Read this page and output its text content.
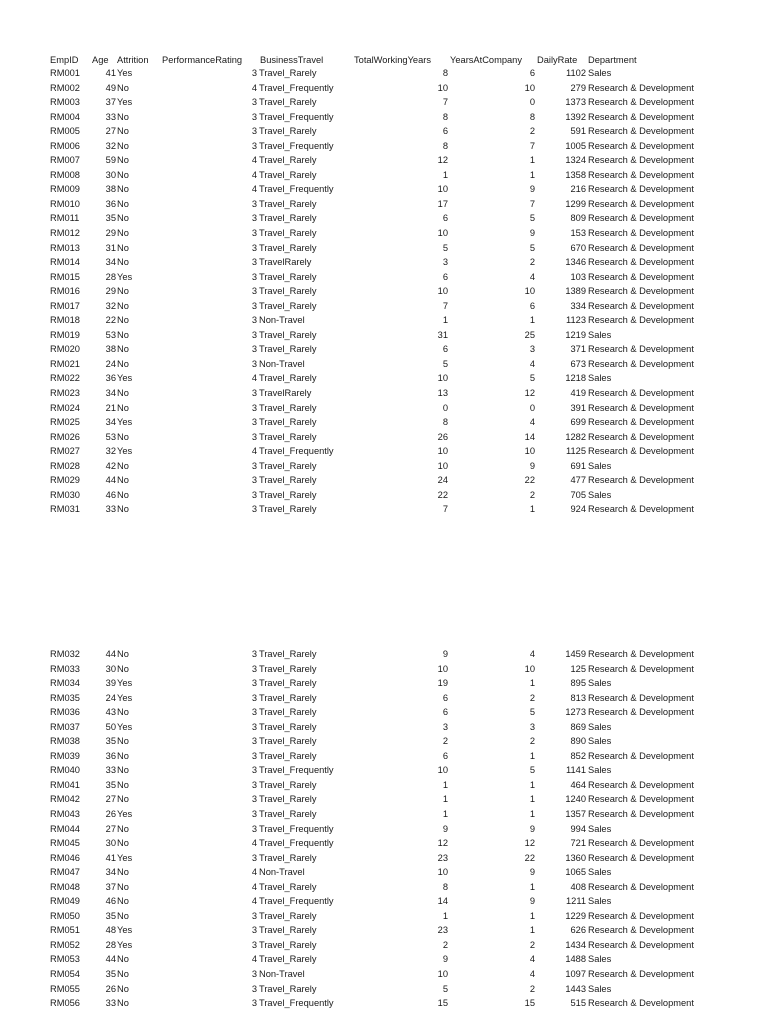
EmpID Age Attrition PerformanceRating BusinessTravel	TotalWorkingYears YearsAtCompany DailyRate Department
RM001	41 Yes	3 Travel_Rarely	8	6	1102 Sales
RM002	49 No	4 Travel_Frequently	10	10	279 Research & Development
RM003	37 Yes	3 Travel_Rarely	7	0	1373 Research & Development
RM004	33 No	3 Travel_Frequently	8	8	1392 Research & Development
RM005	27 No	3 Travel_Rarely	6	2	591 Research & Development
RM006	32 No	3 Travel_Frequently	8	7	1005 Research & Development
RM007	59 No	4 Travel_Rarely	12	1	1324 Research & Development
RM008	30 No	4 Travel_Rarely	1	1	1358 Research & Development
RM009	38 No	4 Travel_Frequently	10	9	216 Research & Development
RM010	36 No	3 Travel_Rarely	17	7	1299 Research & Development
RM011	35 No	3 Travel_Rarely	6	5	809 Research & Development
RM012	29 No	3 Travel_Rarely	10	9	153 Research & Development
RM013	31 No	3 Travel_Rarely	5	5	670 Research & Development
RM014	34 No	3 TravelRarely	3	2	1346 Research & Development
RM015	28 Yes	3 Travel_Rarely	6	4	103 Research & Development
RM016	29 No	3 Travel_Rarely	10	10	1389 Research & Development
RM017	32 No	3 Travel_Rarely	7	6	334 Research & Development
RM018	22 No	3 Non-Travel	1	1	1123 Research & Development
RM019	53 No	3 Travel_Rarely	31	25	1219 Sales
RM020	38 No	3 Travel_Rarely	6	3	371 Research & Development
RM021	24 No	3 Non-Travel	5	4	673 Research & Development
RM022	36 Yes	4 Travel_Rarely	10	5	1218 Sales
RM023	34 No	3 TravelRarely	13	12	419 Research & Development
RM024	21 No	3 Travel_Rarely	0	0	391 Research & Development
RM025	34 Yes	3 Travel_Rarely	8	4	699 Research & Development
RM026	53 No	3 Travel_Rarely	26	14	1282 Research & Development
RM027	32 Yes	4 Travel_Frequently	10	10	1125 Research & Development
RM028	42 No	3 Travel_Rarely	10	9	691 Sales
RM029	44 No	3 Travel_Rarely	24	22	477 Research & Development
RM030	46 No	3 Travel_Rarely	22	2	705 Sales
RM031	33 No	3 Travel_Rarely	7	1	924 Research & Development
RM032	44 No	3 Travel_Rarely	9	4	1459 Research & Development
RM033	30 No	3 Travel_Rarely	10	10	125 Research & Development
RM034	39 Yes	3 Travel_Rarely	19	1	895 Sales
RM035	24 Yes	3 Travel_Rarely	6	2	813 Research & Development
RM036	43 No	3 Travel_Rarely	6	5	1273 Research & Development
RM037	50 Yes	3 Travel_Rarely	3	3	869 Sales
RM038	35 No	3 Travel_Rarely	2	2	890 Sales
RM039	36 No	3 Travel_Rarely	6	1	852 Research & Development
RM040	33 No	3 Travel_Frequently	10	5	1141 Sales
RM041	35 No	3 Travel_Rarely	1	1	464 Research & Development
RM042	27 No	3 Travel_Rarely	1	1	1240 Research & Development
RM043	26 Yes	3 Travel_Rarely	1	1	1357 Research & Development
RM044	27 No	3 Travel_Frequently	9	9	994 Sales
RM045	30 No	4 Travel_Frequently	12	12	721 Research & Development
RM046	41 Yes	3 Travel_Rarely	23	22	1360 Research & Development
RM047	34 No	4 Non-Travel	10	9	1065 Sales
RM048	37 No	4 Travel_Rarely	8	1	408 Research & Development
RM049	46 No	4 Travel_Frequently	14	9	1211 Sales
RM050	35 No	3 Travel_Rarely	1	1	1229 Research & Development
RM051	48 Yes	3 Travel_Rarely	23	1	626 Research & Development
RM052	28 Yes	3 Travel_Rarely	2	2	1434 Research & Development
RM053	44 No	4 Travel_Rarely	9	4	1488 Sales
RM054	35 No	3 Non-Travel	10	4	1097 Research & Development
RM055	26 No	3 Travel_Rarely	5	2	1443 Sales
RM056	33 No	3 Travel_Frequently	15	15	515 Research & Development
